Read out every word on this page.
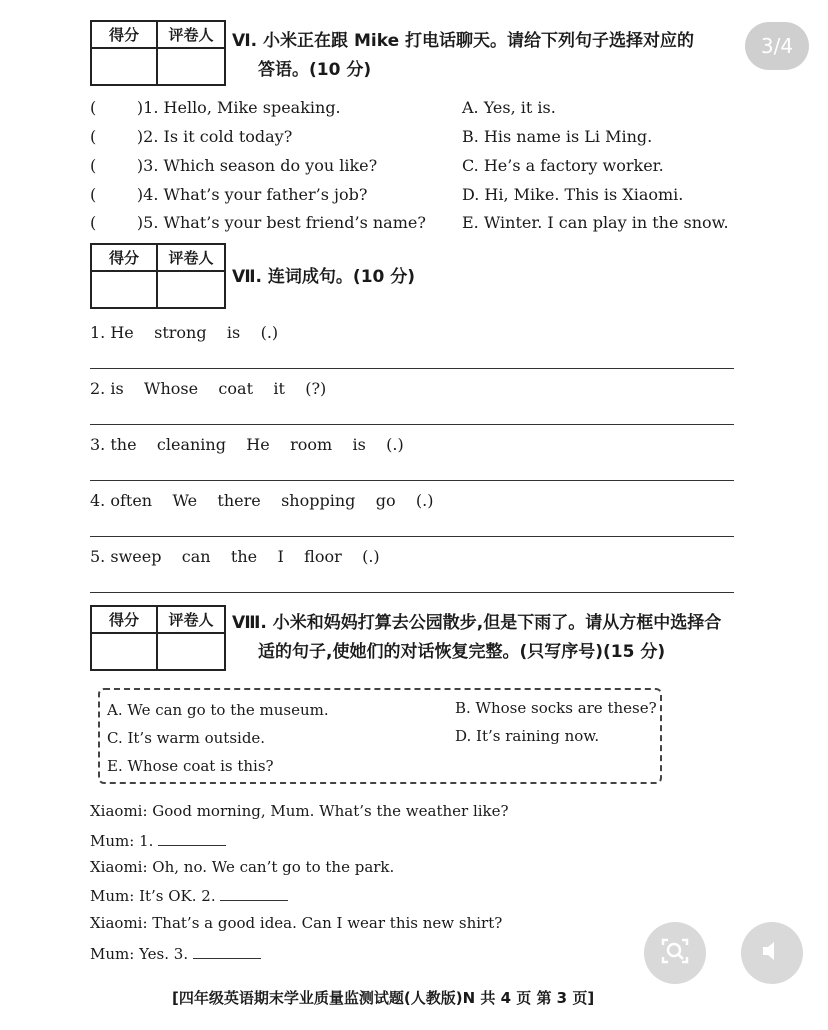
3/4
得分	评卷人	Ⅵ. 小米正在跟 Mike 打电话聊天。请给下列句子选择对应的
答语。(10 分)
(        )1. Hello, Mike speaking.	A. Yes, it is.
(        )2. Is it cold today?	B. His name is Li Ming.
(        )3. Which season do you like?	C. He’s a factory worker.
(        )4. What’s your father’s job?	D. Hi, Mike. This is Xiaomi.
(        )5. What’s your best friend’s name? E. Winter. I can play in the snow.
得分	评卷人
Ⅶ. 连词成句。(10 分)
1. He    strong    is    (.)
2. is    Whose    coat    it    (?)
3. the    cleaning    He    room    is    (.)
4. often    We    there    shopping    go    (.)
5. sweep    can    the    I    floor    (.)
得分	评卷人	Ⅷ. 小米和妈妈打算去公园散步,但是下雨了。请从方框中选择合
适的句子,使她们的对话恢复完整。(只写序号)(15 分)
A. We can go to the museum.	B. Whose socks are these?
C. It’s warm outside.	D. It’s raining now.
E. Whose coat is this?
Xiaomi: Good morning, Mum. What’s the weather like?
Mum: 1.
Xiaomi: Oh, no. We can’t go to the park.
Mum: It’s OK. 2.
Xiaomi: That’s a good idea. Can I wear this new shirt?
Mum: Yes. 3.
[四年级英语期末学业质量监测试题(人教版)N 共 4 页 第 3 页]
